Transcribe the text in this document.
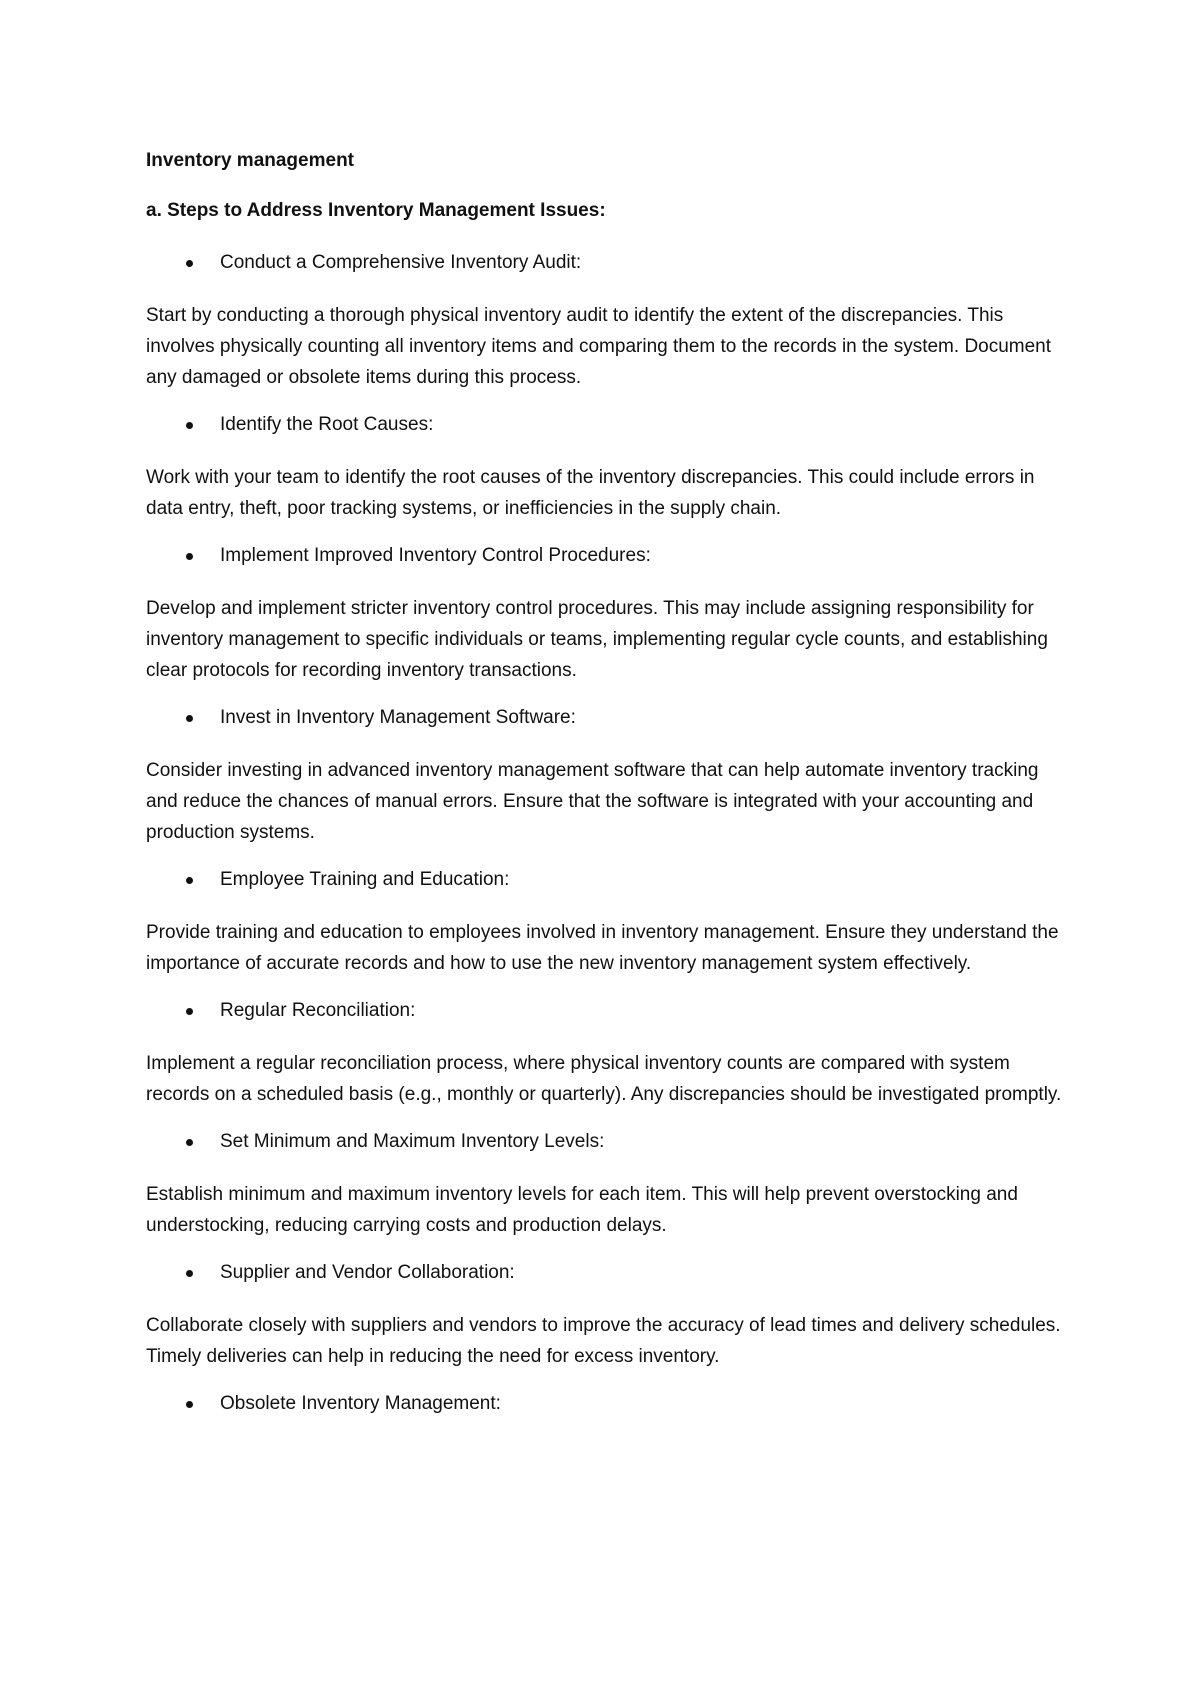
Inventory management
a. Steps to Address Inventory Management Issues:
Conduct a Comprehensive Inventory Audit:
Start by conducting a thorough physical inventory audit to identify the extent of the discrepancies. This involves physically counting all inventory items and comparing them to the records in the system. Document any damaged or obsolete items during this process.
Identify the Root Causes:
Work with your team to identify the root causes of the inventory discrepancies. This could include errors in data entry, theft, poor tracking systems, or inefficiencies in the supply chain.
Implement Improved Inventory Control Procedures:
Develop and implement stricter inventory control procedures. This may include assigning responsibility for inventory management to specific individuals or teams, implementing regular cycle counts, and establishing clear protocols for recording inventory transactions.
Invest in Inventory Management Software:
Consider investing in advanced inventory management software that can help automate inventory tracking and reduce the chances of manual errors. Ensure that the software is integrated with your accounting and production systems.
Employee Training and Education:
Provide training and education to employees involved in inventory management. Ensure they understand the importance of accurate records and how to use the new inventory management system effectively.
Regular Reconciliation:
Implement a regular reconciliation process, where physical inventory counts are compared with system records on a scheduled basis (e.g., monthly or quarterly). Any discrepancies should be investigated promptly.
Set Minimum and Maximum Inventory Levels:
Establish minimum and maximum inventory levels for each item. This will help prevent overstocking and understocking, reducing carrying costs and production delays.
Supplier and Vendor Collaboration:
Collaborate closely with suppliers and vendors to improve the accuracy of lead times and delivery schedules. Timely deliveries can help in reducing the need for excess inventory.
Obsolete Inventory Management:
